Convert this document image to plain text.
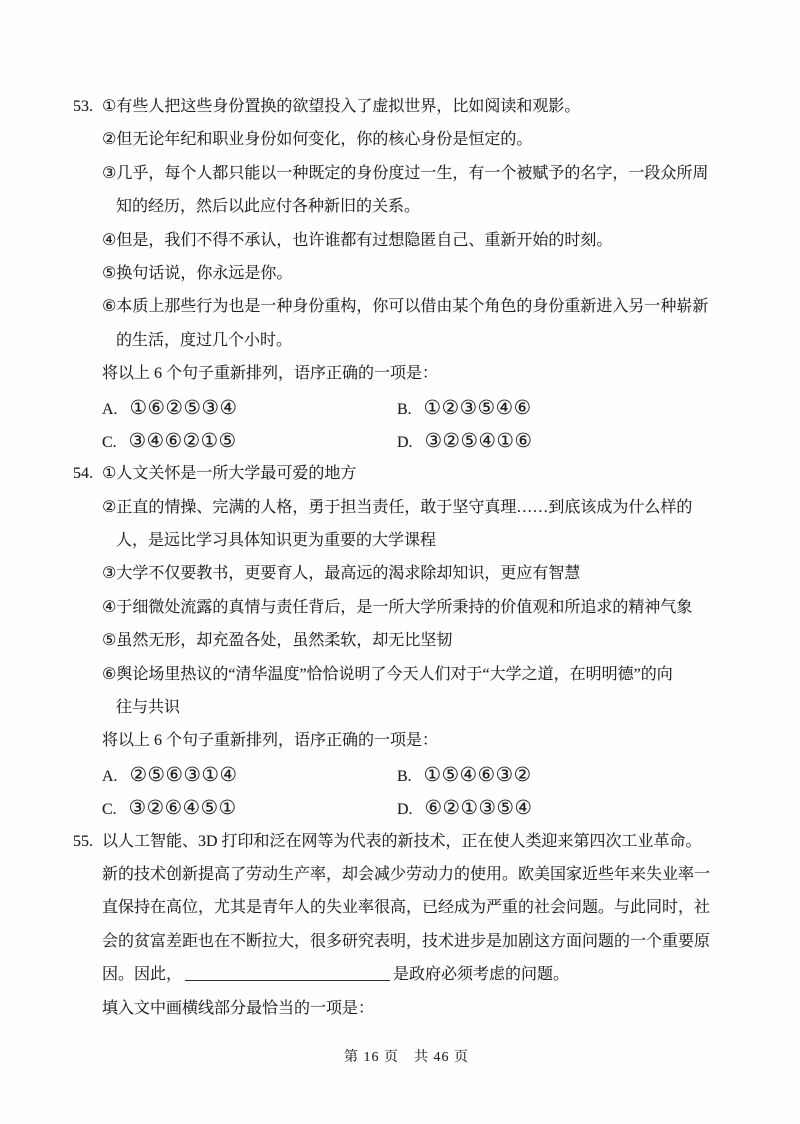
53. ①有些人把这些身份置换的欲望投入了虚拟世界，比如阅读和观影。
②但无论年纪和职业身份如何变化，你的核心身份是恒定的。
③几乎，每个人都只能以一种既定的身份度过一生，有一个被赋予的名字，一段众所周
知的经历，然后以此应付各种新旧的关系。
④但是，我们不得不承认，也许谁都有过想隐匿自己、重新开始的时刻。
⑤换句话说，你永远是你。
⑥本质上那些行为也是一种身份重构，你可以借由某个角色的身份重新进入另一种崭新
的生活，度过几个小时。
将以上 6 个句子重新排列，语序正确的一项是：
A. ①⑥②⑤③④	B. ①②③⑤④⑥
C. ③④⑥②①⑤	D. ③②⑤④①⑥
54. ①人文关怀是一所大学最可爱的地方
②正直的情操、完满的人格，勇于担当责任，敢于坚守真理……到底该成为什么样的
人，是远比学习具体知识更为重要的大学课程
③大学不仅要教书，更要育人，最高远的渴求除却知识，更应有智慧
④于细微处流露的真情与责任背后，是一所大学所秉持的价值观和所追求的精神气象
⑤虽然无形，却充盈各处，虽然柔软，却无比坚韧
⑥舆论场里热议的“清华温度”恰恰说明了今天人们对于“大学之道，在明明德”的向
往与共识
将以上 6 个句子重新排列，语序正确的一项是：
A. ②⑤⑥③①④	B. ①⑤④⑥③②
C. ③②⑥④⑤①	D. ⑥②①③⑤④
55. 以人工智能、3D 打印和泛在网等为代表的新技术，正在使人类迎来第四次工业革命。
新的技术创新提高了劳动生产率，却会减少劳动力的使用。欧美国家近些年来失业率一
直保持在高位，尤其是青年人的失业率很高，已经成为严重的社会问题。与此同时，社
会的贫富差距也在不断拉大，很多研究表明，技术进步是加剧这方面问题的一个重要原
因。因此，	是政府必须考虑的问题。
填入文中画横线部分最恰当的一项是：
第 16 页　共 46 页
